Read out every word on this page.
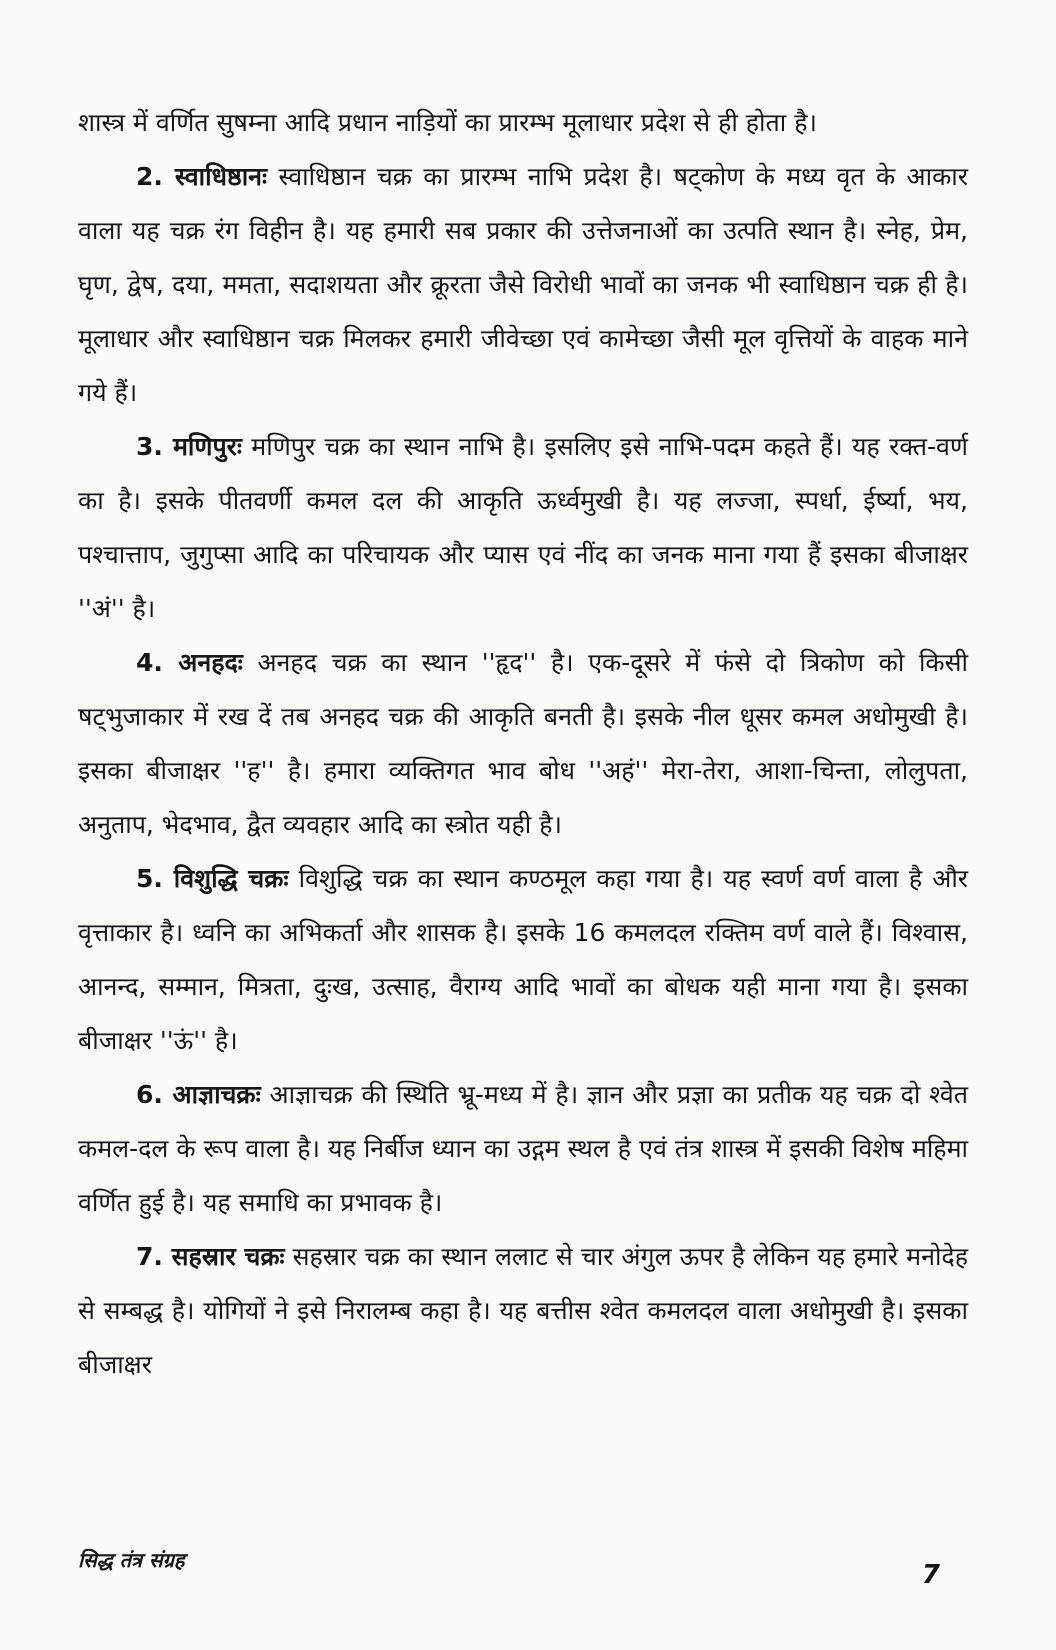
शास्त्र में वर्णित सुषम्ना आदि प्रधान नाड़ियों का प्रारम्भ मूलाधार प्रदेश से ही होता है।

2. स्वाधिष्ठानः स्वाधिष्ठान चक्र का प्रारम्भ नाभि प्रदेश है। षट्कोण के मध्य वृत के आकार वाला यह चक्र रंग विहीन है। यह हमारी सब प्रकार की उत्तेजनाओं का उत्पति स्थान है। स्नेह, प्रेम, घृण, द्वेष, दया, ममता, सदाशयता और क्रूरता जैसे विरोधी भावों का जनक भी स्वाधिष्ठान चक्र ही है। मूलाधार और स्वाधिष्ठान चक्र मिलकर हमारी जीवेच्छा एवं कामेच्छा जैसी मूल वृत्तियों के वाहक माने गये हैं।

3. मणिपुरः मणिपुर चक्र का स्थान नाभि है। इसलिए इसे नाभि-पदम कहते हैं। यह रक्त-वर्ण का है। इसके पीतवर्णी कमल दल की आकृति ऊर्ध्वमुखी है। यह लज्जा, स्पर्धा, ईर्ष्या, भय, पश्चात्ताप, जुगुप्सा आदि का परिचायक और प्यास एवं नींद का जनक माना गया हैं इसका बीजाक्षर ''अं'' है।

4. अनहदः अनहद चक्र का स्थान ''हृद'' है। एक-दूसरे में फंसे दो त्रिकोण को किसी षट्भुजाकार में रख दें तब अनहद चक्र की आकृति बनती है। इसके नील धूसर कमल अधोमुखी है। इसका बीजाक्षर ''ह'' है। हमारा व्यक्तिगत भाव बोध ''अहं'' मेरा-तेरा, आशा-चिन्ता, लोलुपता, अनुताप, भेदभाव, द्वैत व्यवहार आदि का स्त्रोत यही है।

5. विशुद्धि चक्रः विशुद्धि चक्र का स्थान कण्ठमूल कहा गया है। यह स्वर्ण वर्ण वाला है और वृत्ताकार है। ध्वनि का अभिकर्ता और शासक है। इसके 16 कमलदल रक्तिम वर्ण वाले हैं। विश्वास, आनन्द, सम्मान, मित्रता, दुःख, उत्साह, वैराग्य आदि भावों का बोधक यही माना गया है। इसका बीजाक्षर ''ऊं'' है।

6. आज्ञाचक्रः आज्ञाचक्र की स्थिति भ्रू-मध्य में है। ज्ञान और प्रज्ञा का प्रतीक यह चक्र दो श्वेत कमल-दल के रूप वाला है। यह निर्बीज ध्यान का उद्गम स्थल है एवं तंत्र शास्त्र में इसकी विशेष महिमा वर्णित हुई है। यह समाधि का प्रभावक है।

7. सहस्रार चक्रः सहस्रार चक्र का स्थान ललाट से चार अंगुल ऊपर है लेकिन यह हमारे मनोदेह से सम्बद्ध है। योगियों ने इसे निरालम्ब कहा है। यह बत्तीस श्वेत कमलदल वाला अधोमुखी है। इसका बीजाक्षर

सिद्ध तंत्र संग्रह	7
